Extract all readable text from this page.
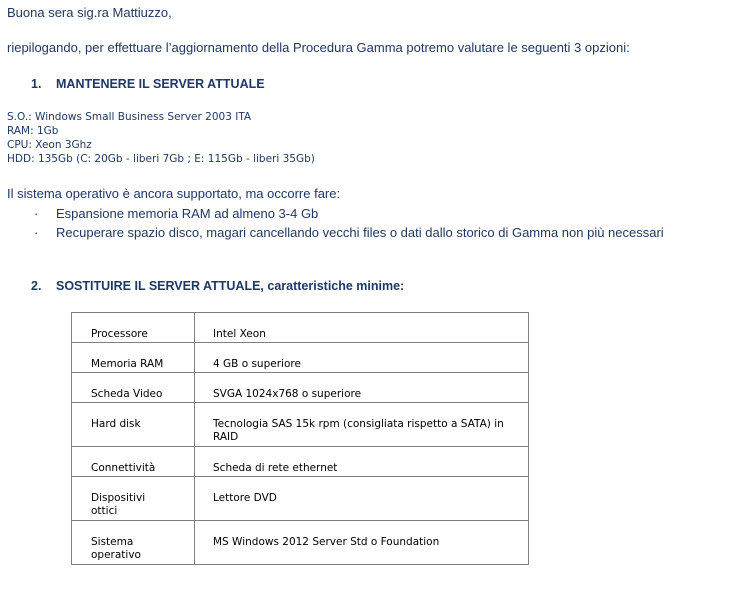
Buona sera sig.ra Mattiuzzo,
riepilogando, per effettuare l’aggiornamento della Procedura Gamma potremo valutare le seguenti 3 opzioni:
1. MANTENERE IL SERVER ATTUALE
S.O.: Windows Small Business Server 2003 ITA
RAM: 1Gb
CPU: Xeon 3Ghz
HDD: 135Gb (C: 20Gb - liberi 7Gb ; E: 115Gb - liberi 35Gb)
Il sistema operativo è ancora supportato, ma occorre fare:
· Espansione memoria RAM ad almeno 3-4 Gb
· Recuperare spazio disco, magari cancellando vecchi files o dati dallo storico di Gamma non più necessari
2. SOSTITUIRE IL SERVER ATTUALE, caratteristiche minime:
Processore	Intel Xeon
Memoria RAM	4 GB o superiore
Scheda Video	SVGA 1024x768 o superiore
Hard disk	Tecnologia SAS 15k rpm (consigliata rispetto a SATA) in RAID
Connettività	Scheda di rete ethernet
Dispositivi ottici	Lettore DVD
Sistema operativo	MS Windows 2012 Server Std o Foundation
